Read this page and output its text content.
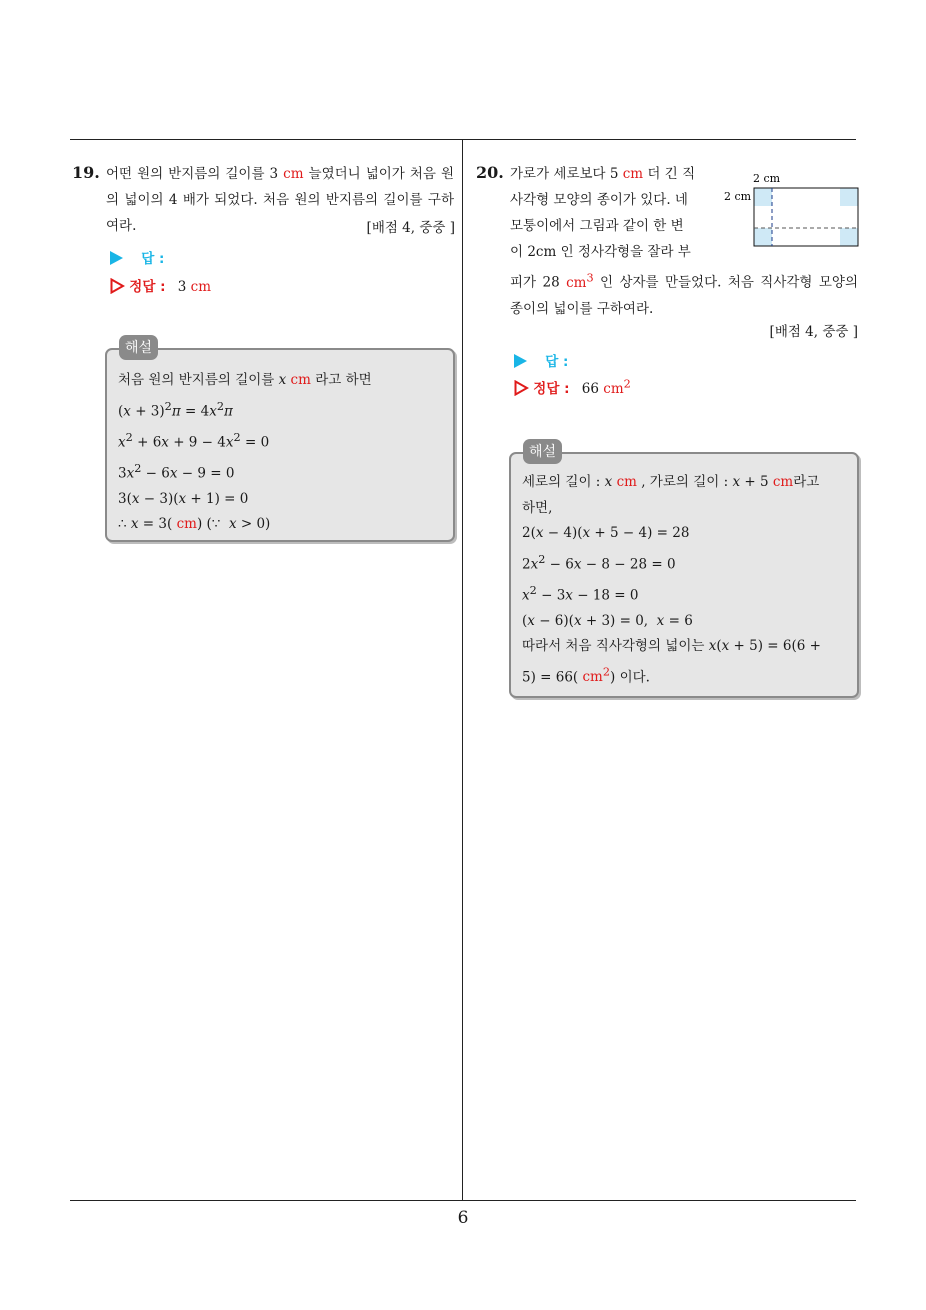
19. 어떤 원의 반지름의 길이를 3 cm 늘였더니 넓이가 처음 원의 넓이의 4 배가 되었다. 처음 원의 반지름의 길이를 구하여라.	[배점 4, 중중 ]
답 :
정답 : 3 cm
해설
처음 원의 반지름의 길이를 x cm 라고 하면
$(x + 3)^2\pi = 4x^2\pi$
$x^2 + 6x + 9 - 4x^2 = 0$
$3x^2 - 6x - 9 = 0$
3(x − 3)(x + 1) = 0
∴ x = 3( cm) (∵  x > 0)
20. 가로가 세로보다 5 cm 더 긴 직
사각형 모양의 종이가 있다. 네
모퉁이에서 그림과 같이 한 변
이 2cm 인 정사각형을 잘라 부
피가 28 $cm^3$ 인 상자를 만들었다. 처음 직사각형 모양의 종이의 넓이를 구하여라.
[배점 4, 중중 ]
2 cm
2 cm
답 :
정답 : 66 $cm^2$
해설
세로의 길이 : x cm , 가로의 길이 : x + 5 cm라고
하면,
2(x − 4)(x + 5 − 4) = 28
$2x^2 - 6x - 8 - 28 = 0$
$x^2 - 3x - 18 = 0$
(x − 6)(x + 3) = 0,  x = 6
따라서 처음 직사각형의 넓이는 x(x + 5) = 6(6 +
5) = 66( $cm^2$) 이다.
6
